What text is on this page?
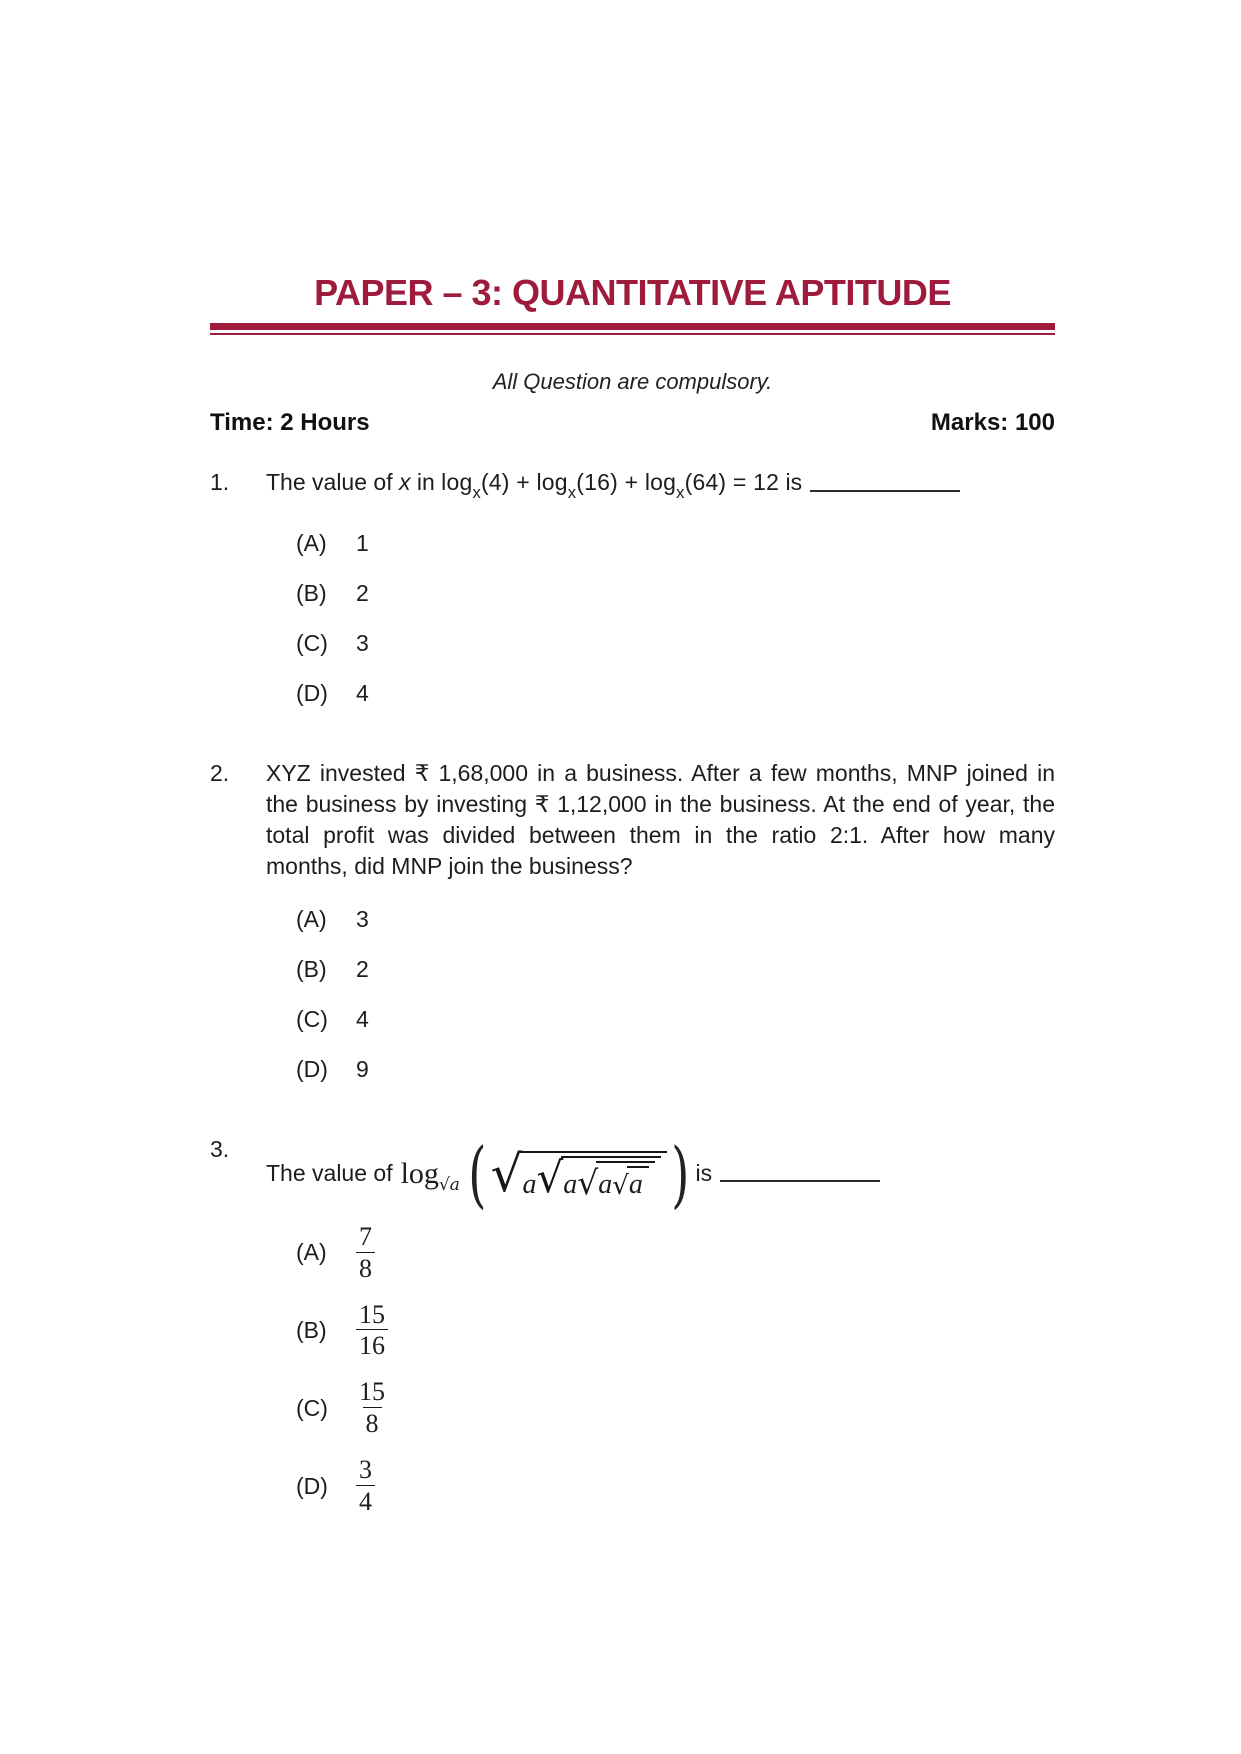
PAPER – 3: QUANTITATIVE APTITUDE
All Question are compulsory.
Time: 2 Hours	Marks: 100
1.	The value of x in $\log_x(4) + \log_x(16) + \log_x(64) = 12$ is
(A)	1
(B)	2
(C)	3
(D)	4
2.	XYZ invested ₹ 1,68,000 in a business. After a few months, MNP joined in the business by investing ₹ 1,12,000 in the business. At the end of year, the total profit was divided between them in the ratio 2:1. After how many months, did MNP join the business?
(A)	3
(B)	2
(C)	4
(D)	9
3.
The value of log √a ( √ a √ a √ a √ a ) is
(A)	$\frac{7}{8}$
(B)	$\frac{15}{16}$
(C)	$\frac{15}{8}$
(D)	$\frac{3}{4}$
